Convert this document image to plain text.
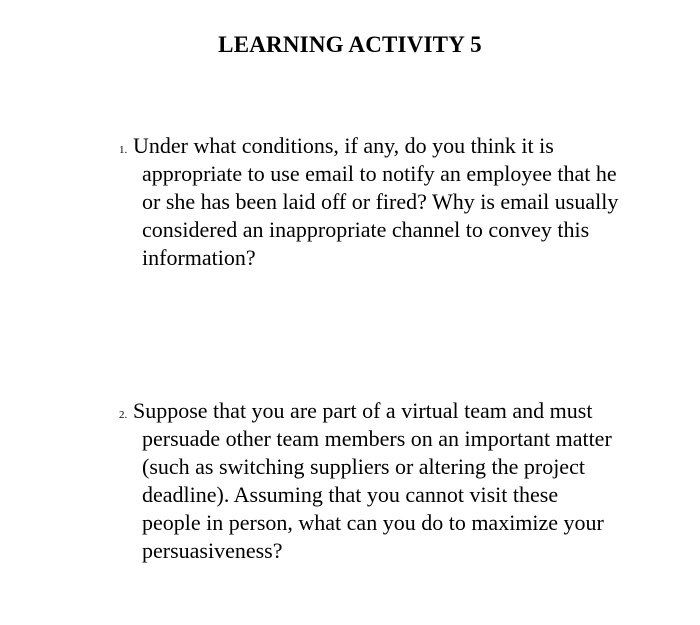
LEARNING ACTIVITY 5
1. Under what conditions, if any, do you think it is appropriate to use email to notify an employee that he or she has been laid off or fired? Why is email usually considered an inappropriate channel to convey this information?

2. Suppose that you are part of a virtual team and must persuade other team members on an important matter (such as switching suppliers or altering the project deadline). Assuming that you cannot visit these people in person, what can you do to maximize your persuasiveness?
